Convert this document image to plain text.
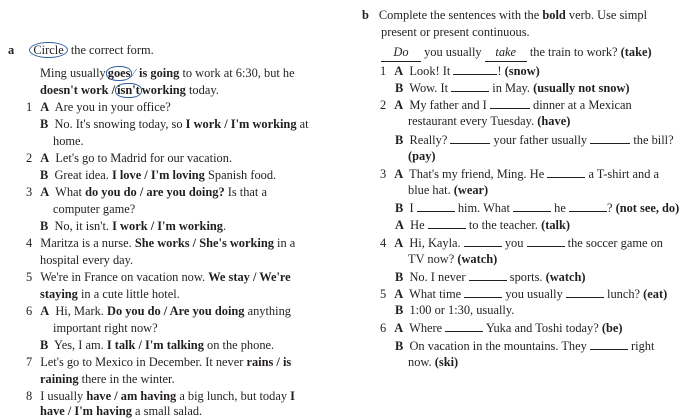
a Circle the correct form.
Ming usually goes/ is going to work at 6:30, but he
doesn't work / isn't working today.
1 A Are you in your office?
B No. It's snowing today, so I work / I'm working at
home.
2 A Let's go to Madrid for our vacation.
B Great idea. I love / I'm loving Spanish food.
3 A What do you do / are you doing? Is that a
computer game?
B No, it isn't. I work / I'm working.
4 Maritza is a nurse. She works / She's working in a
hospital every day.
5 We're in France on vacation now. We stay / We're
staying in a cute little hotel.
6 A Hi, Mark. Do you do / Are you doing anything
important right now?
B Yes, I am. I talk / I'm talking on the phone.
7 Let's go to Mexico in December. It never rains / is
raining there in the winter.
8 I usually have / am having a big lunch, but today I
have / I'm having a small salad.
b Complete the sentences with the bold verb. Use simpl
present or present continuous.
Do you usually take the train to work? (take)
1 A Look! It	! (snow)
B Wow. It	in May. (usually not snow)
2 A My father and I	dinner at a Mexican
restaurant every Tuesday. (have)
B Really?	your father usually	the bill?
(pay)
3 A That's my friend, Ming. He	a T-shirt and a
blue hat. (wear)
B I	him. What	he	? (not see, do)
A He	to the teacher. (talk)
4 A Hi, Kayla.	you	the soccer game on
TV now? (watch)
B No. I never	sports. (watch)
5 A What time	you usually	lunch? (eat)
B 1:00 or 1:30, usually.
6 A Where	Yuka and Toshi today? (be)
B On vacation in the mountains. They	right
now. (ski)
